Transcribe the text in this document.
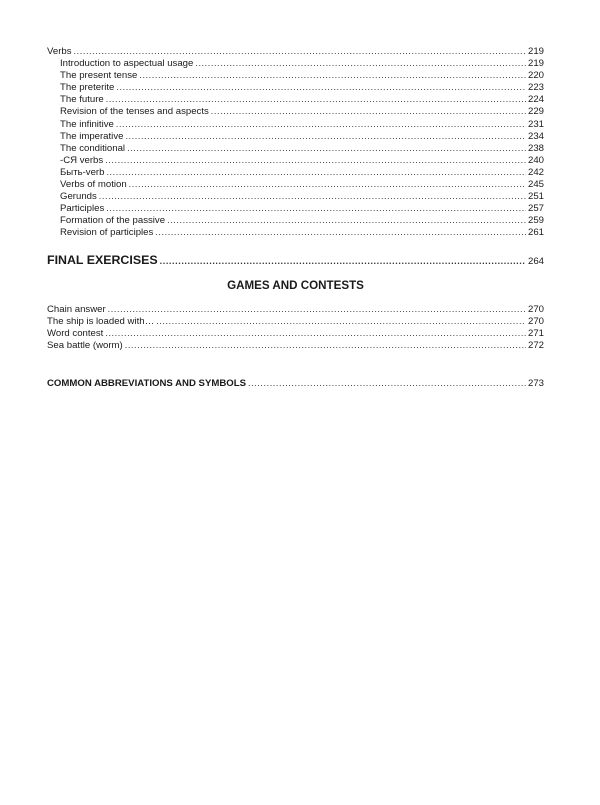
Verbs .....	219
Introduction to aspectual usage .....	219
The present tense .....	220
The preterite .....	223
The future .....	224
Revision of the tenses and aspects .....	229
The infinitive .....	231
The imperative .....	234
The conditional .....	238
-СЯ verbs .....	240
Быть-verb .....	242
Verbs of motion .....	245
Gerunds .....	251
Participles .....	257
Formation of the passive .....	259
Revision of participles .....	261
FINAL EXERCISES .....	264
GAMES AND CONTESTS
Chain answer .....	270
The ship is loaded with… .....	270
Word contest .....	271
Sea battle (worm) .....	272
COMMON ABBREVIATIONS AND SYMBOLS .....	273
